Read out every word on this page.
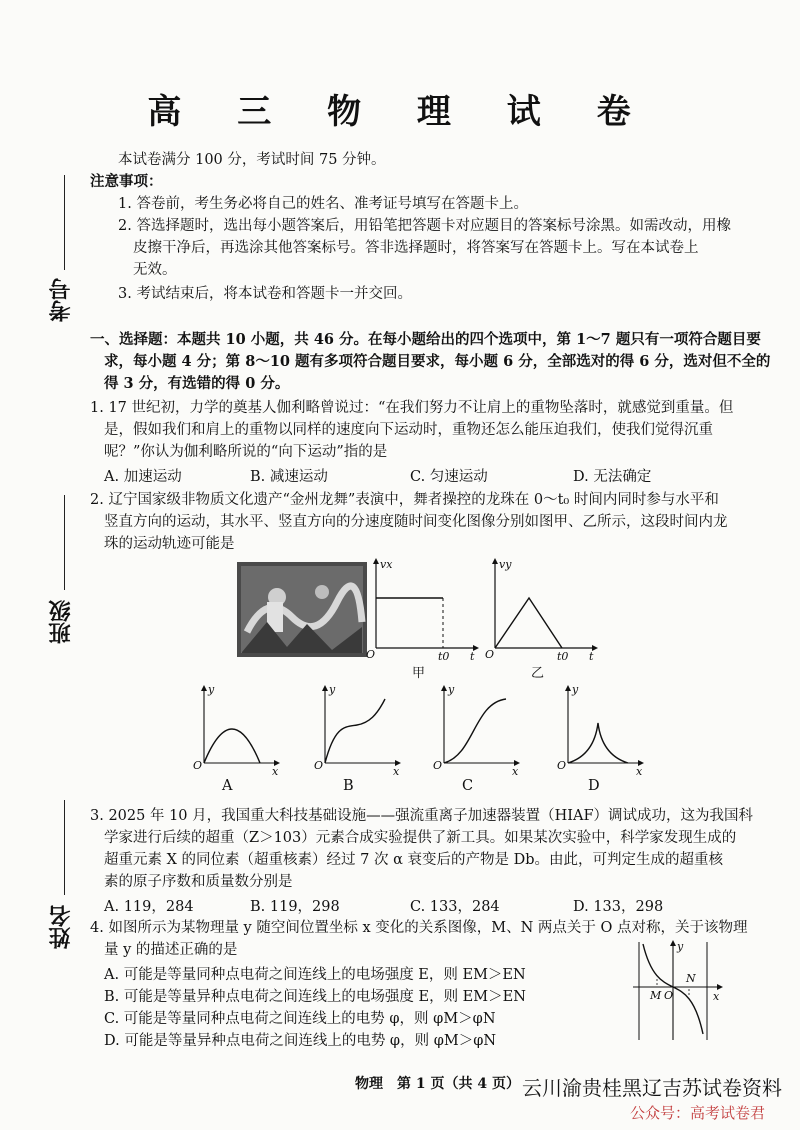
高 三 物 理 试 卷
考号
班级
姓名
本试卷满分 100 分，考试时间 75 分钟。
注意事项：
1. 答卷前，考生务必将自己的姓名、准考证号填写在答题卡上。
2. 答选择题时，选出每小题答案后，用铅笔把答题卡对应题目的答案标号涂黑。如需改动，用橡
皮擦干净后，再选涂其他答案标号。答非选择题时，将答案写在答题卡上。写在本试卷上
无效。
3. 考试结束后，将本试卷和答题卡一并交回。
一、选择题：本题共 10 小题，共 46 分。在每小题给出的四个选项中，第 1～7 题只有一项符合题目要
求，每小题 4 分；第 8～10 题有多项符合题目要求，每小题 6 分，全部选对的得 6 分，选对但不全的
得 3 分，有选错的得 0 分。
1. 17 世纪初，力学的奠基人伽利略曾说过：“在我们努力不让肩上的重物坠落时，就感觉到重量。但
是，假如我们和肩上的重物以同样的速度向下运动时，重物还怎么能压迫我们，使我们觉得沉重
呢？”你认为伽利略所说的“向下运动”指的是
A. 加速运动	B. 减速运动	C. 匀速运动	D. 无法确定
2. 辽宁国家级非物质文化遗产“金州龙舞”表演中，舞者操控的龙珠在 0～t₀ 时间内同时参与水平和
竖直方向的运动，其水平、竖直方向的分速度随时间变化图像分别如图甲、乙所示，这段时间内龙
珠的运动轨迹可能是
vx
O	t0 t
甲
vy
O	t0 t
乙
y
O	x
A
y
O	x
B
y
O	x
C
y
O	x
D
3. 2025 年 10 月，我国重大科技基础设施——强流重离子加速器装置（HIAF）调试成功，这为我国科
学家进行后续的超重（Z＞103）元素合成实验提供了新工具。如果某次实验中，科学家发现生成的
超重元素 X 的同位素（超重核素）经过 7 次 α 衰变后的产物是 Db。由此，可判定生成的超重核
素的原子序数和质量数分别是
A. 119，284	B. 119，298	C. 133，284	D. 133，298
4. 如图所示为某物理量 y 随空间位置坐标 x 变化的关系图像，M、N 两点关于 O 点对称，关于该物理
量 y 的描述正确的是
A. 可能是等量同种点电荷之间连线上的电场强度 E，则 EM＞EN
B. 可能是等量异种点电荷之间连线上的电场强度 E，则 EM＞EN
C. 可能是等量同种点电荷之间连线上的电势 φ，则 φM＞φN
D. 可能是等量异种点电荷之间连线上的电势 φ，则 φM＞φN
y
x
M O
N
物理　第 1 页（共 4 页） 云川渝贵桂黑辽吉苏试卷资料
公众号：高考试卷君
